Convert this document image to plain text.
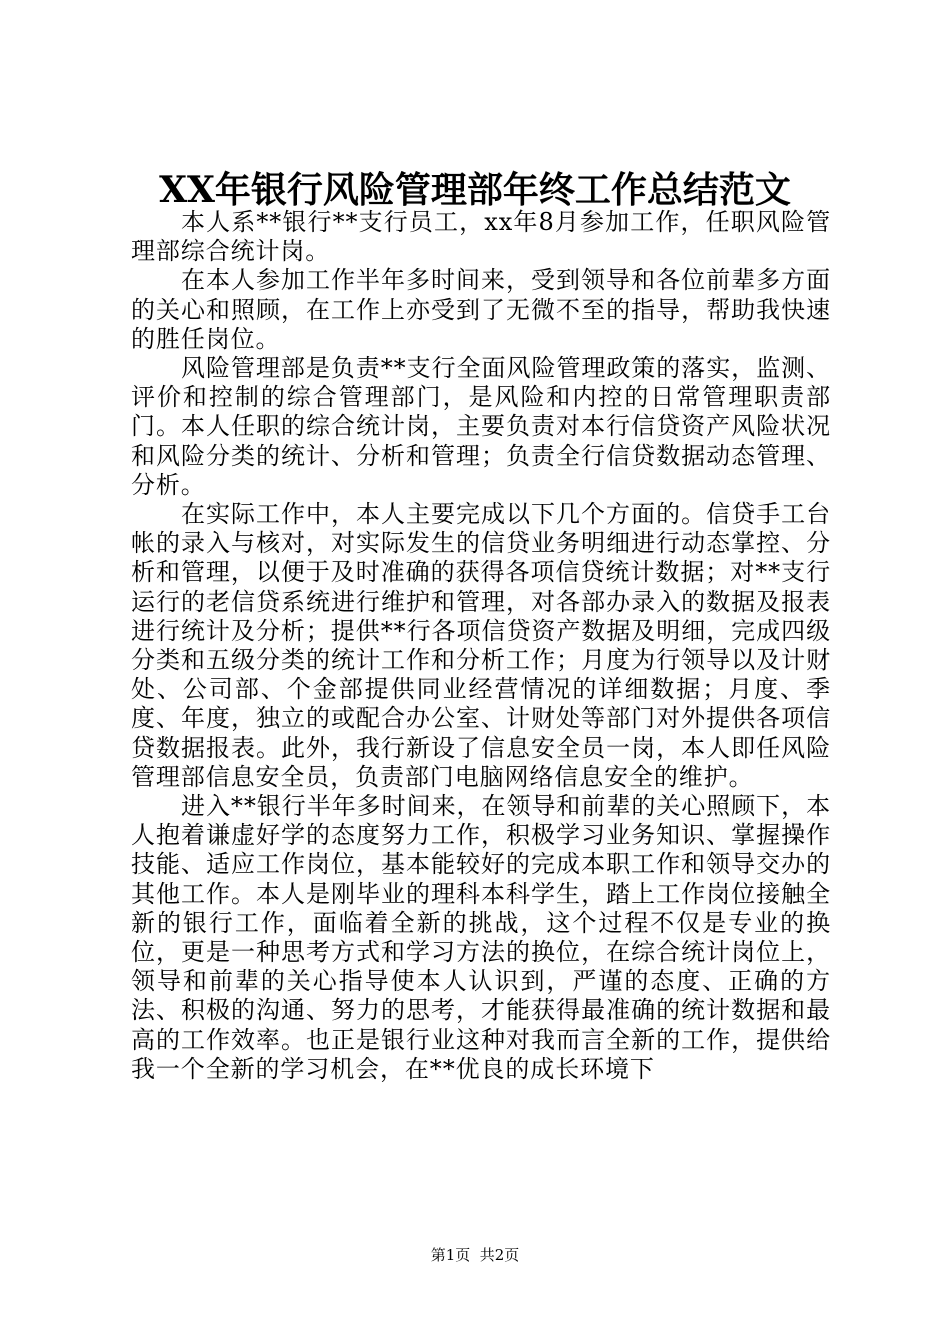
XX年银行风险管理部年终工作总结范文

本人系**银行**支行员工，xx年8月参加工作，任职风险管理部综合统计岗。

在本人参加工作半年多时间来，受到领导和各位前辈多方面的关心和照顾，在工作上亦受到了无微不至的指导，帮助我快速的胜任岗位。

风险管理部是负责**支行全面风险管理政策的落实，监测、评价和控制的综合管理部门，是风险和内控的日常管理职责部门。本人任职的综合统计岗，主要负责对本行信贷资产风险状况和风险分类的统计、分析和管理；负责全行信贷数据动态管理、分析。

在实际工作中，本人主要完成以下几个方面的。信贷手工台帐的录入与核对，对实际发生的信贷业务明细进行动态掌控、分析和管理，以便于及时准确的获得各项信贷统计数据；对**支行运行的老信贷系统进行维护和管理，对各部办录入的数据及报表进行统计及分析；提供**行各项信贷资产数据及明细，完成四级分类和五级分类的统计工作和分析工作；月度为行领导以及计财处、公司部、个金部提供同业经营情况的详细数据；月度、季度、年度，独立的或配合办公室、计财处等部门对外提供各项信贷数据报表。此外，我行新设了信息安全员一岗，本人即任风险管理部信息安全员，负责部门电脑网络信息安全的维护。

进入**银行半年多时间来，在领导和前辈的关心照顾下，本人抱着谦虚好学的态度努力工作，积极学习业务知识、掌握操作技能、适应工作岗位，基本能较好的完成本职工作和领导交办的其他工作。本人是刚毕业的理科本科学生，踏上工作岗位接触全新的银行工作，面临着全新的挑战，这个过程不仅是专业的换位，更是一种思考方式和学习方法的换位，在综合统计岗位上，领导和前辈的关心指导使本人认识到，严谨的态度、正确的方法、积极的沟通、努力的思考，才能获得最准确的统计数据和最高的工作效率。也正是银行业这种对我而言全新的工作，提供给我一个全新的学习机会，在**优良的成长环境下

第1页  共2页
